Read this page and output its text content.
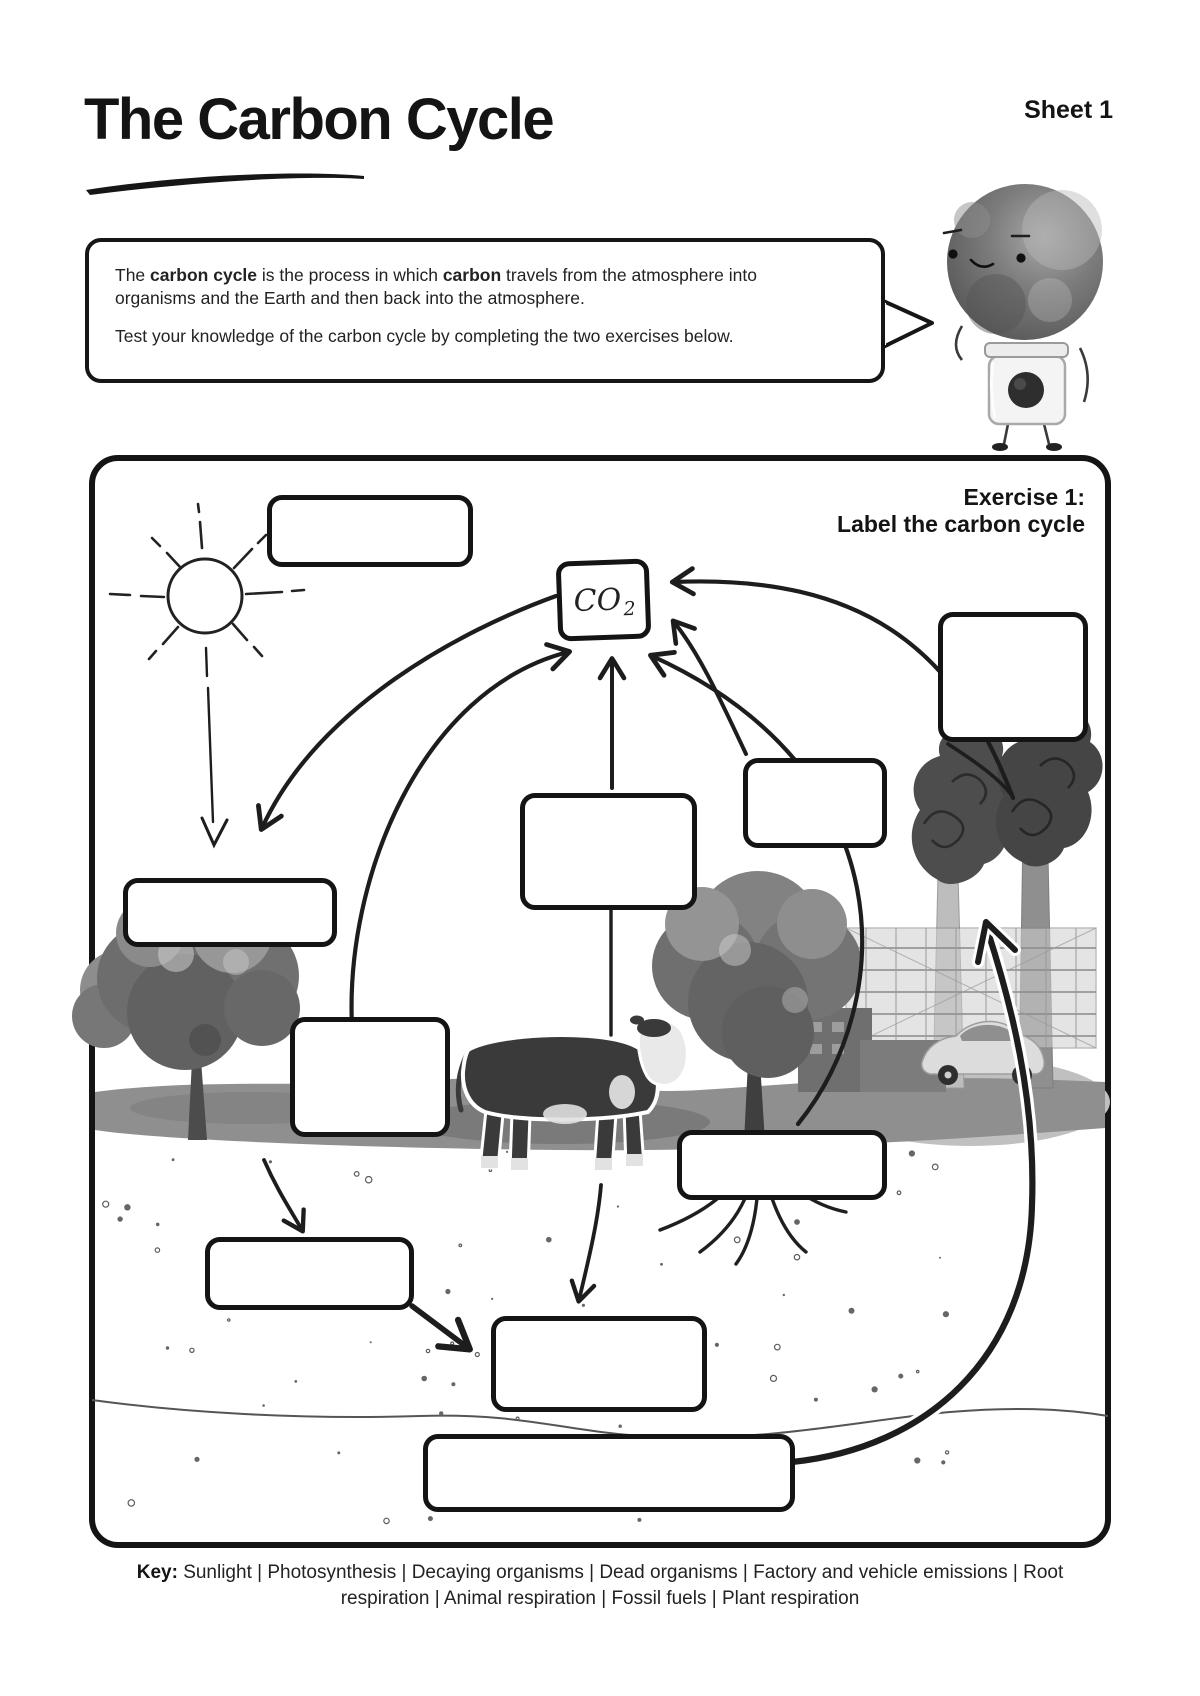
The Carbon Cycle	Sheet 1

The carbon cycle is the process in which carbon travels from the atmosphere into organisms and the Earth and then back into the atmosphere.

Test your knowledge of the carbon cycle by completing the two exercises below.

Exercise 1:
Label the carbon cycle
$CO_2$
Key: Sunlight | Photosynthesis | Decaying organisms | Dead organisms | Factory and vehicle emissions | Root respiration | Animal respiration | Fossil fuels | Plant respiration
